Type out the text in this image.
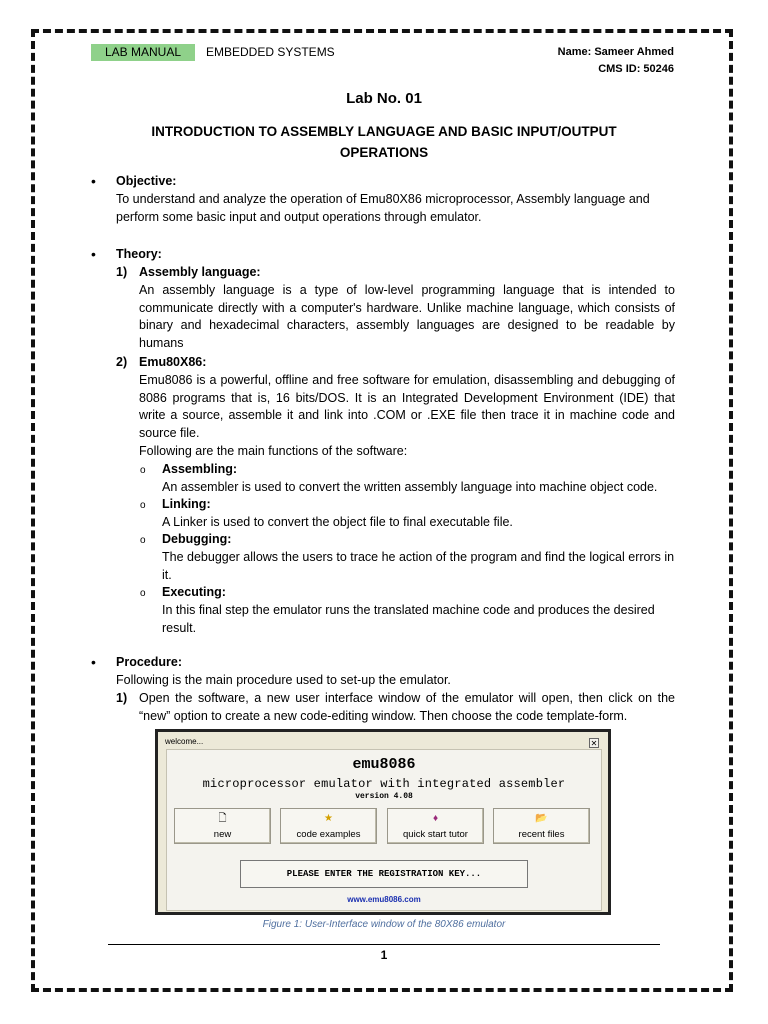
LAB MANUAL	EMBEDDED SYSTEMS	Name: Sameer Ahmed
CMS ID: 50246
Lab No. 01
INTRODUCTION TO ASSEMBLY LANGUAGE AND BASIC INPUT/OUTPUT OPERATIONS
• Objective:
To understand and analyze the operation of Emu80X86 microprocessor, Assembly language and perform some basic input and output operations through emulator.
• Theory:
1) Assembly language:
An assembly language is a type of low-level programming language that is intended to communicate directly with a computer's hardware. Unlike machine language, which consists of binary and hexadecimal characters, assembly languages are designed to be readable by humans
2) Emu80X86:
Emu8086 is a powerful, offline and free software for emulation, disassembling and debugging of 8086 programs that is, 16 bits/DOS. It is an Integrated Development Environment (IDE) that write a source, assemble it and link into .COM or .EXE file then trace it in machine code and source file.
Following are the main functions of the software:
o Assembling:
An assembler is used to convert the written assembly language into machine object code.
o Linking:
A Linker is used to convert the object file to final executable file.
o Debugging:
The debugger allows the users to trace he action of the program and find the logical errors in it.
o Executing:
In this final step the emulator runs the translated machine code and produces the desired result.
• Procedure:
Following is the main procedure used to set-up the emulator.
1) Open the software, a new user interface window of the emulator will open, then click on the “new” option to create a new code-editing window. Then choose the code template-form.
welcome...	✕
emu8086
microprocessor emulator with integrated assembler
version 4.08
🗋
new
★
code examples
♦
quick start tutor
📂
recent files
PLEASE ENTER THE REGISTRATION KEY...
www.emu8086.com
Figure 1: User-Interface window of the 80X86 emulator
1
